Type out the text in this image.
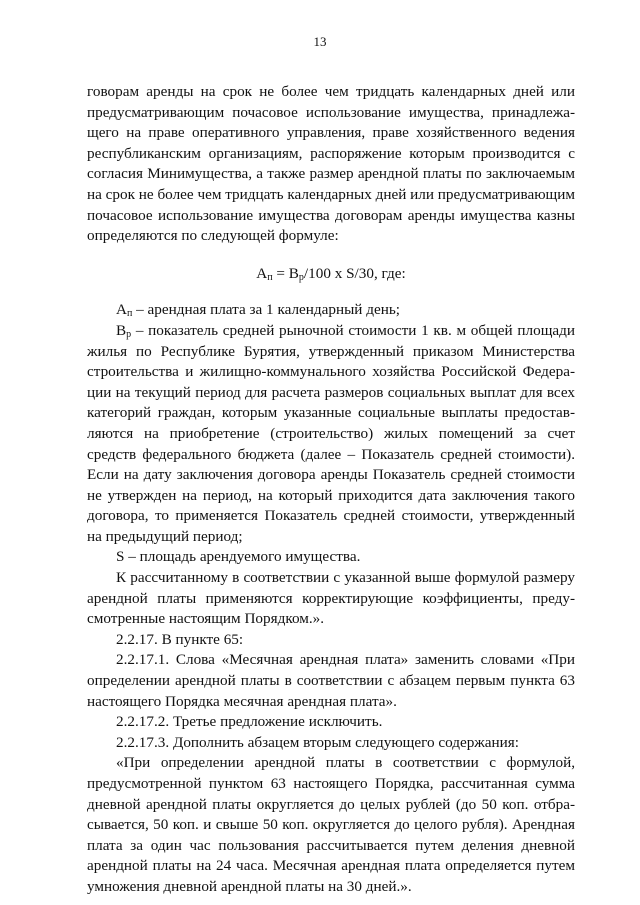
13

говорам аренды на срок не более чем тридцать календарных дней или предусматривающим почасовое использование имущества, принадлежащего на праве оперативного управления, праве хозяйственного ведения республиканским организациям, распоряжение которым производится с согласия Минимущества, а также размер арендной платы по заключаемым на срок не более чем тридцать календарных дней или предусматривающим почасовое использование имущества договорам аренды имущества казны определяются по следующей формуле:

$А_п = В_р/100$ х S/30, где:

$А_п$ – арендная плата за 1 календарный день;

$В_р$ – показатель средней рыночной стоимости 1 кв. м общей площади жилья по Республике Бурятия, утвержденный приказом Министерства строительства и жилищно-коммунального хозяйства Российской Федерации на текущий период для расчета размеров социальных выплат для всех категорий граждан, которым указанные социальные выплаты предоставляются на приобретение (строительство) жилых помещений за счет средств федерального бюджета (далее – Показатель средней стоимости). Если на дату заключения договора аренды Показатель средней стоимости не утвержден на период, на который приходится дата заключения такого договора, то применяется Показатель средней стоимости, утвержденный на предыдущий период;

S – площадь арендуемого имущества.

К рассчитанному в соответствии с указанной выше формулой размеру арендной платы применяются корректирующие коэффициенты, предусмотренные настоящим Порядком.».

2.2.17. В пункте 65:

2.2.17.1. Слова «Месячная арендная плата» заменить словами «При определении арендной платы в соответствии с абзацем первым пункта 63 настоящего Порядка месячная арендная плата».

2.2.17.2. Третье предложение исключить.

2.2.17.3. Дополнить абзацем вторым следующего содержания:

«При определении арендной платы в соответствии с формулой, предусмотренной пунктом 63 настоящего Порядка, рассчитанная сумма дневной арендной платы округляется до целых рублей (до 50 коп. отбрасывается, 50 коп. и свыше 50 коп. округляется до целого рубля). Арендная плата за один час пользования рассчитывается путем деления дневной арендной платы на 24 часа. Месячная арендная плата определяется путем умножения дневной арендной платы на 30 дней.».
